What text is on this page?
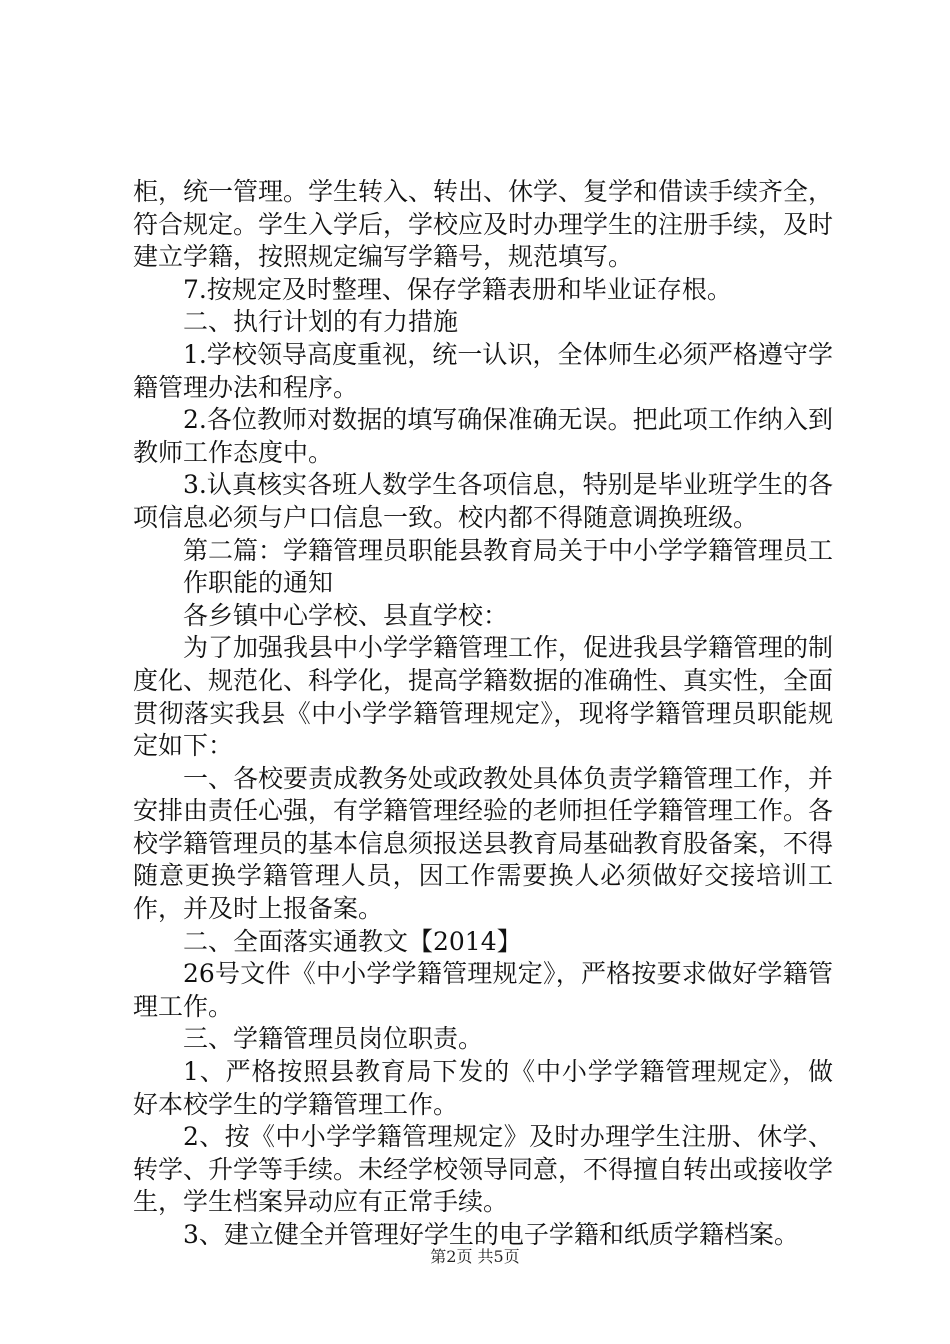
柜，统一管理。学生转入、转出、休学、复学和借读手续齐全，符合规定。学生入学后，学校应及时办理学生的注册手续，及时建立学籍，按照规定编写学籍号，规范填写。

7.按规定及时整理、保存学籍表册和毕业证存根。

二、执行计划的有力措施

1.学校领导高度重视，统一认识，全体师生必须严格遵守学籍管理办法和程序。

2.各位教师对数据的填写确保准确无误。把此项工作纳入到教师工作态度中。

3.认真核实各班人数学生各项信息，特别是毕业班学生的各项信息必须与户口信息一致。校内都不得随意调换班级。

第二篇：学籍管理员职能县教育局关于中小学学籍管理员工作职能的通知

各乡镇中心学校、县直学校：

为了加强我县中小学学籍管理工作，促进我县学籍管理的制度化、规范化、科学化，提高学籍数据的准确性、真实性，全面贯彻落实我县《中小学学籍管理规定》，现将学籍管理员职能规定如下：

一、各校要责成教务处或政教处具体负责学籍管理工作，并安排由责任心强，有学籍管理经验的老师担任学籍管理工作。各校学籍管理员的基本信息须报送县教育局基础教育股备案，不得随意更换学籍管理人员，因工作需要换人必须做好交接培训工作，并及时上报备案。

二、全面落实通教文【2014】

26号文件《中小学学籍管理规定》，严格按要求做好学籍管理工作。

三、学籍管理员岗位职责。

1、严格按照县教育局下发的《中小学学籍管理规定》，做好本校学生的学籍管理工作。

2、按《中小学学籍管理规定》及时办理学生注册、休学、转学、升学等手续。未经学校领导同意，不得擅自转出或接收学生，学生档案异动应有正常手续。

3、建立健全并管理好学生的电子学籍和纸质学籍档案。

第2页 共5页
